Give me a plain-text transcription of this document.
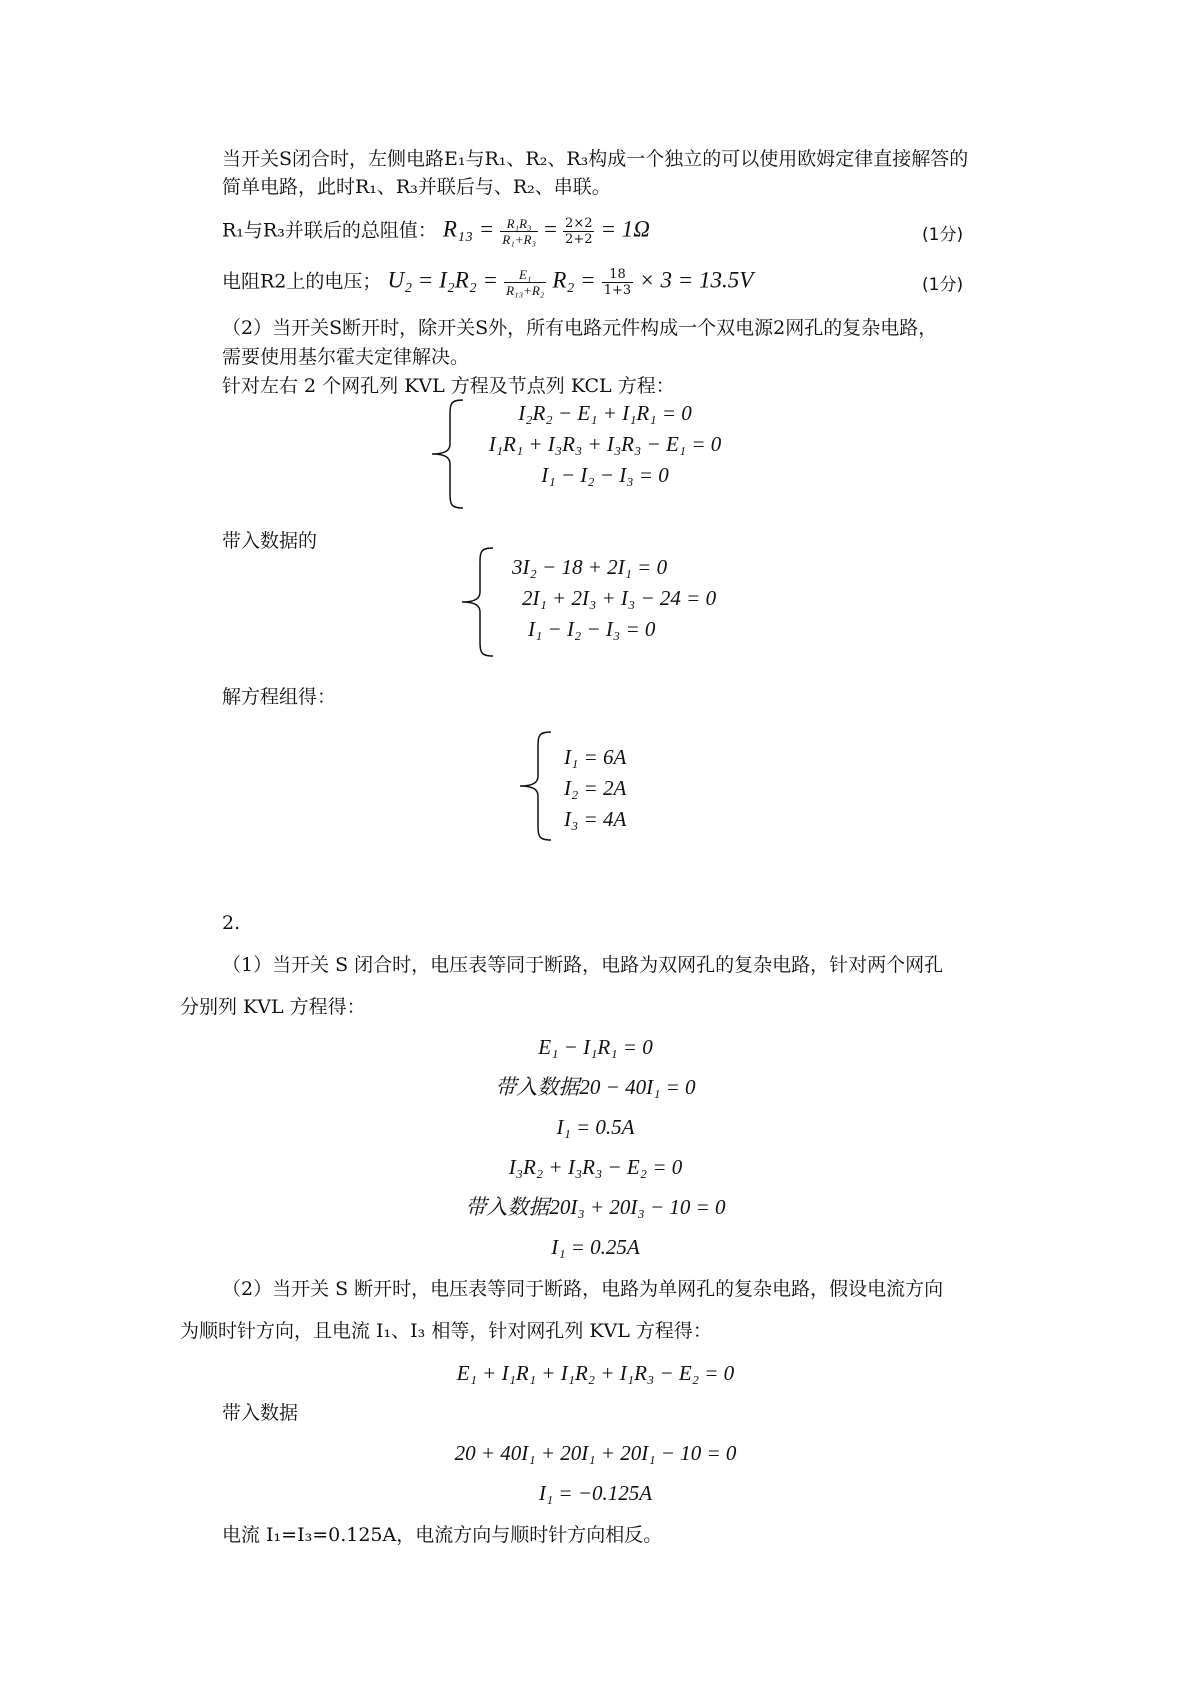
当开关S闭合时，左侧电路E₁与R₁、R₂、R₃构成一个独立的可以使用欧姆定律直接解答的
简单电路，此时R₁、R₃并联后与、R₂、串联。
R₁与R₃并联后的总阻值： $R_{13} = \frac{\text{R₁R₃}}{\text{R₁+R₃}} = \frac{2\times 2}{2+2} = 1\Omega$	(1分)
电阻R2上的电压； $U_2 = I_2R_2 = \frac{\text{E₁}}{\text{R₁₃+R₂}} R_2 = \frac{18}{1+3} \times 3 = 13.5V$	(1分)
（2）当开关S断开时，除开关S外，所有电路元件构成一个双电源2网孔的复杂电路，
需要使用基尔霍夫定律解决。
针对左右 2 个网孔列 KVL 方程及节点列 KCL 方程：
I₂R₂ − E₁ + I₁R₁ = 0
I₁R₁ + I₃R₃ + I₃R₃ − E₁ = 0
I₁ − I₂ − I₃ = 0
带入数据的
3I₂ − 18 + 2I₁ = 0
2I₁ + 2I₃ + I₃ − 24 = 0
I₁ − I₂ − I₃ = 0
解方程组得：
I₁ = 6A
I₂ = 2A
I₃ = 4A
2.
（1）当开关 S 闭合时，电压表等同于断路，电路为双网孔的复杂电路，针对两个网孔
分别列 KVL 方程得：
E₁ − I₁R₁ = 0
带入数据20 − 40I₁ = 0
I₁ = 0.5A
I₃R₂ + I₃R₃ − E₂ = 0
带入数据20I₃ + 20I₃ − 10 = 0
I₁ = 0.25A
（2）当开关 S 断开时，电压表等同于断路，电路为单网孔的复杂电路，假设电流方向
为顺时针方向，且电流 I₁、I₃ 相等，针对网孔列 KVL 方程得：
E₁ + I₁R₁ + I₁R₂ + I₁R₃ − E₂ = 0
带入数据
20 + 40I₁ + 20I₁ + 20I₁ − 10 = 0
I₁ = −0.125A
电流 I₁=I₃=0.125A，电流方向与顺时针方向相反。
